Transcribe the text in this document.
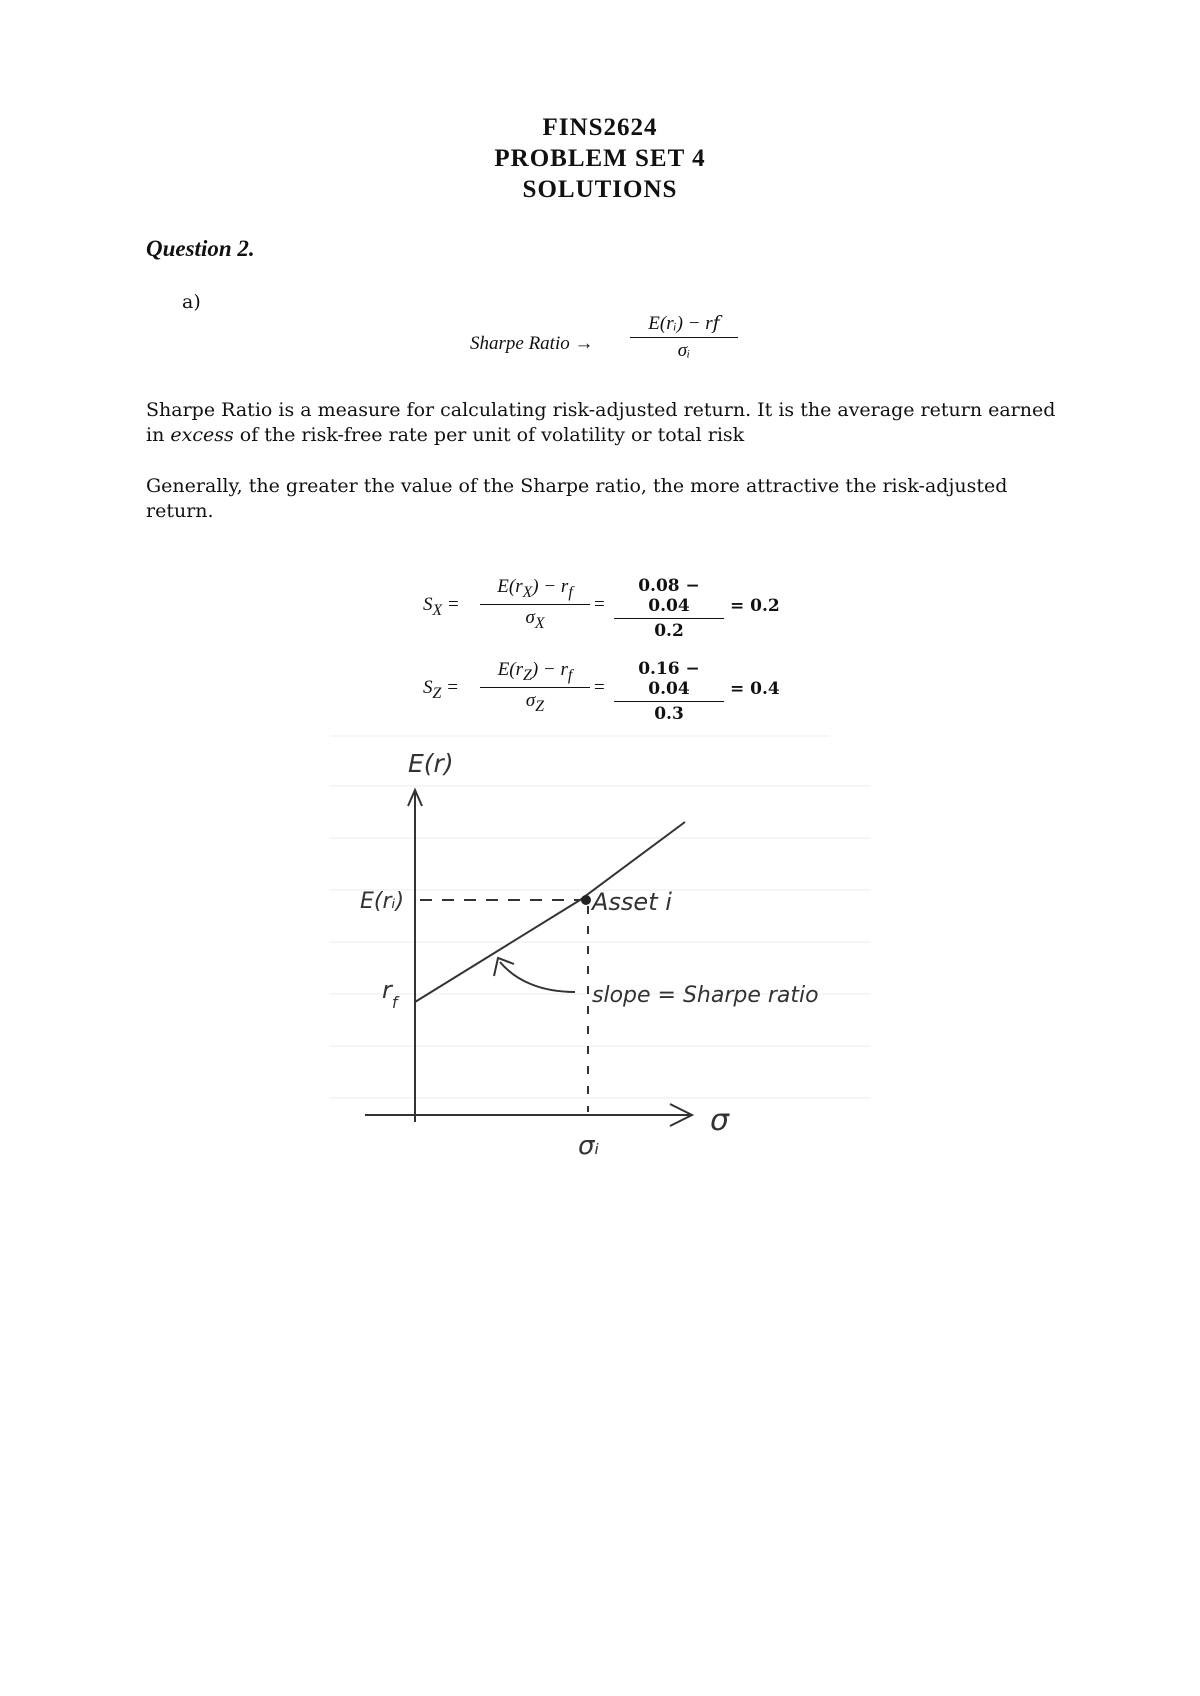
FINS2624
PROBLEM SET 4
SOLUTIONS
Question 2.
a)
Sharpe Ratio →
E(rᵢ) − r𝑓
σᵢ
Sharpe Ratio is a measure for calculating risk-adjusted return. It is the average return earned in excess of the risk-free rate per unit of volatility or total risk
Generally, the greater the value of the Sharpe ratio, the more attractive the risk-adjusted return.
$S_X$ =
$E(r_X) - r_f$
$\sigma_X$
=
0.08 − 0.04
0.2
= 0.2
$S_Z$ =
$E(r_Z) - r_f$
$\sigma_Z$
=
0.16 − 0.04
0.3
= 0.4
E(r)
σ
E(rᵢ)
σᵢ
Asset i
$r_f$	slope = Sharpe ratio
